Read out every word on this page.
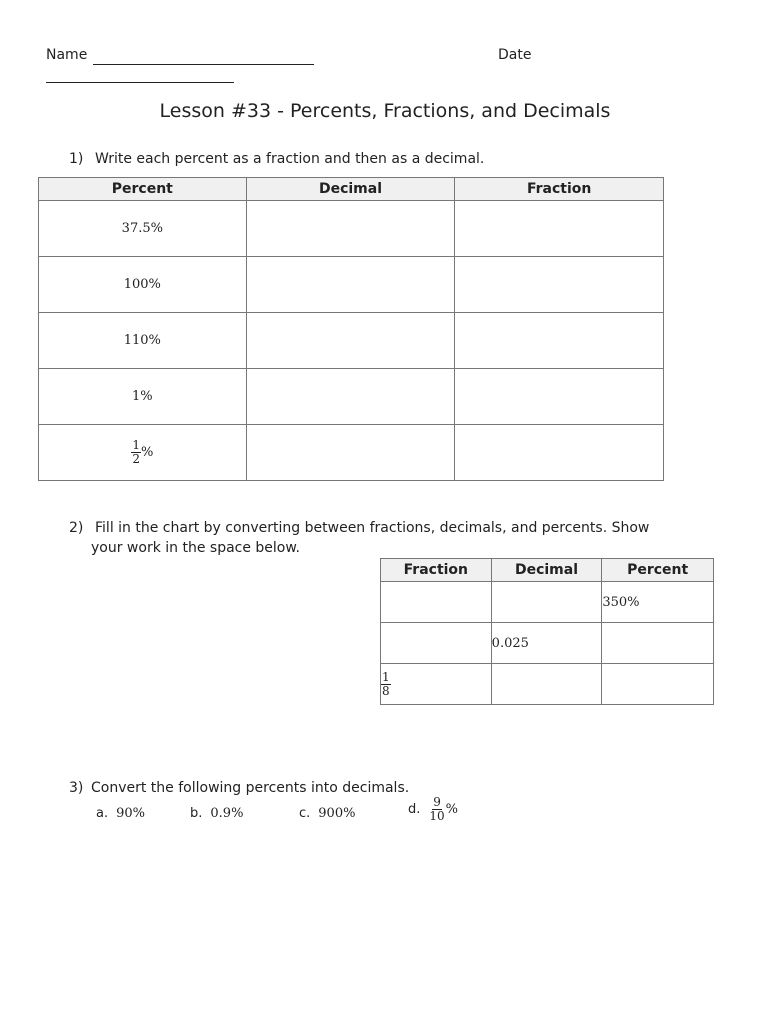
Name	Date
Lesson #33 - Percents, Fractions, and Decimals
1) Write each percent as a fraction and then as a decimal.
Percent	Decimal	Fraction
37.5%		
100%		
110%		
1%		

$\frac{1}{2}$ %		
2) Fill in the chart by converting between fractions, decimals, and percents. Show
your work in the space below.
Fraction	Decimal	Percent
		350%
	0.025	

$\frac{1}{8}$

3) Convert the following percents into decimals.
a. 90%	b. 0.9%	c. 900%	d. $\frac{9}{10}$ %
